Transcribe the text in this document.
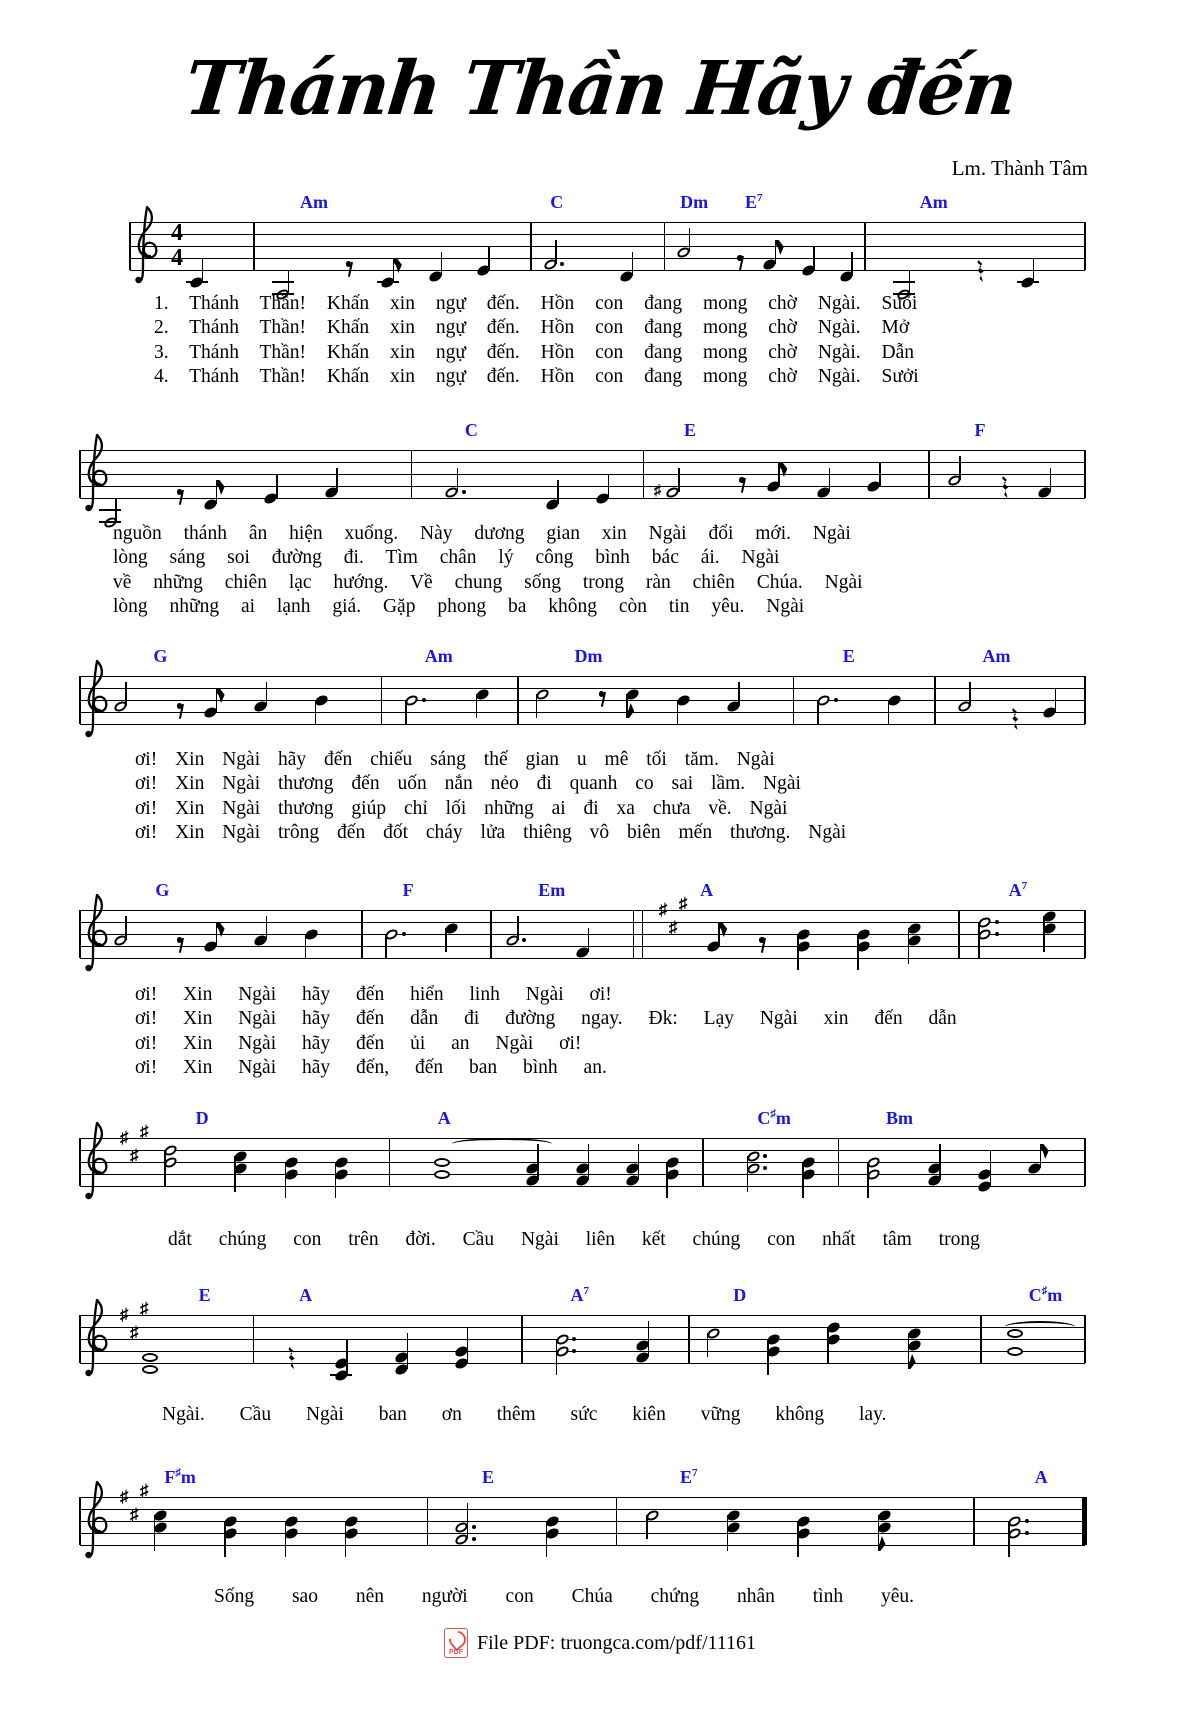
Thánh Thần Hãy đến
Lm. Thành Tâm
4
4
Am	C	Dm $E^7$	Am
C	E	F
♯
G	Am	Dm	E	Am
♯
♯
♯
G	F	Em	A	$A^7$
♯
♯
♯
D	A	C♯m	Bm
♯
♯
♯
E	A	$A^7$	D	C♯m
♯
♯
♯
F♯m	E	$E^7$	A
1. Thánh Thần! Khấn xin ngự đến. Hồn con đang mong chờ Ngài. Suối
2. Thánh Thần! Khấn xin ngự đến. Hồn con đang mong chờ Ngài. Mở
3. Thánh Thần! Khấn xin ngự đến. Hồn con đang mong chờ Ngài. Dẫn
4. Thánh Thần! Khấn xin ngự đến. Hồn con đang mong chờ Ngài. Sưởi
nguồn thánh ân hiện xuống. Này dương gian xin Ngài đổi mới. Ngài
lòng sáng soi đường đi. Tìm chân lý công bình bác ái. Ngài
về những chiên lạc hướng. Về chung sống trong ràn chiên Chúa. Ngài
lòng những ai lạnh giá. Gặp phong ba không còn tin yêu. Ngài
ơi! Xin Ngài hãy đến chiếu sáng thế gian u mê tối tăm. Ngài
ơi! Xin Ngài thương đến uốn nắn nẻo đi quanh co sai lầm. Ngài
ơi! Xin Ngài thương giúp chỉ lối những ai đi xa chưa về. Ngài
ơi! Xin Ngài trông đến đốt cháy lửa thiêng vô biên mến thương. Ngài
ơi! Xin Ngài hãy đến hiển linh Ngài ơi!
ơi! Xin Ngài hãy đến dẫn đi đường ngay. Đk: Lạy Ngài xin đến dẫn
ơi! Xin Ngài hãy đến ủi an Ngài ơi!
ơi! Xin Ngài hãy đến, đến ban bình an.
dắt chúng con trên đời. Cầu Ngài liên kết chúng con nhất tâm trong
Ngài. Cầu Ngài ban ơn thêm sức kiên vững không lay.
Sống sao nên người con Chúa chứng nhân tình yêu.
PDF File PDF: truongca.com/pdf/11161
